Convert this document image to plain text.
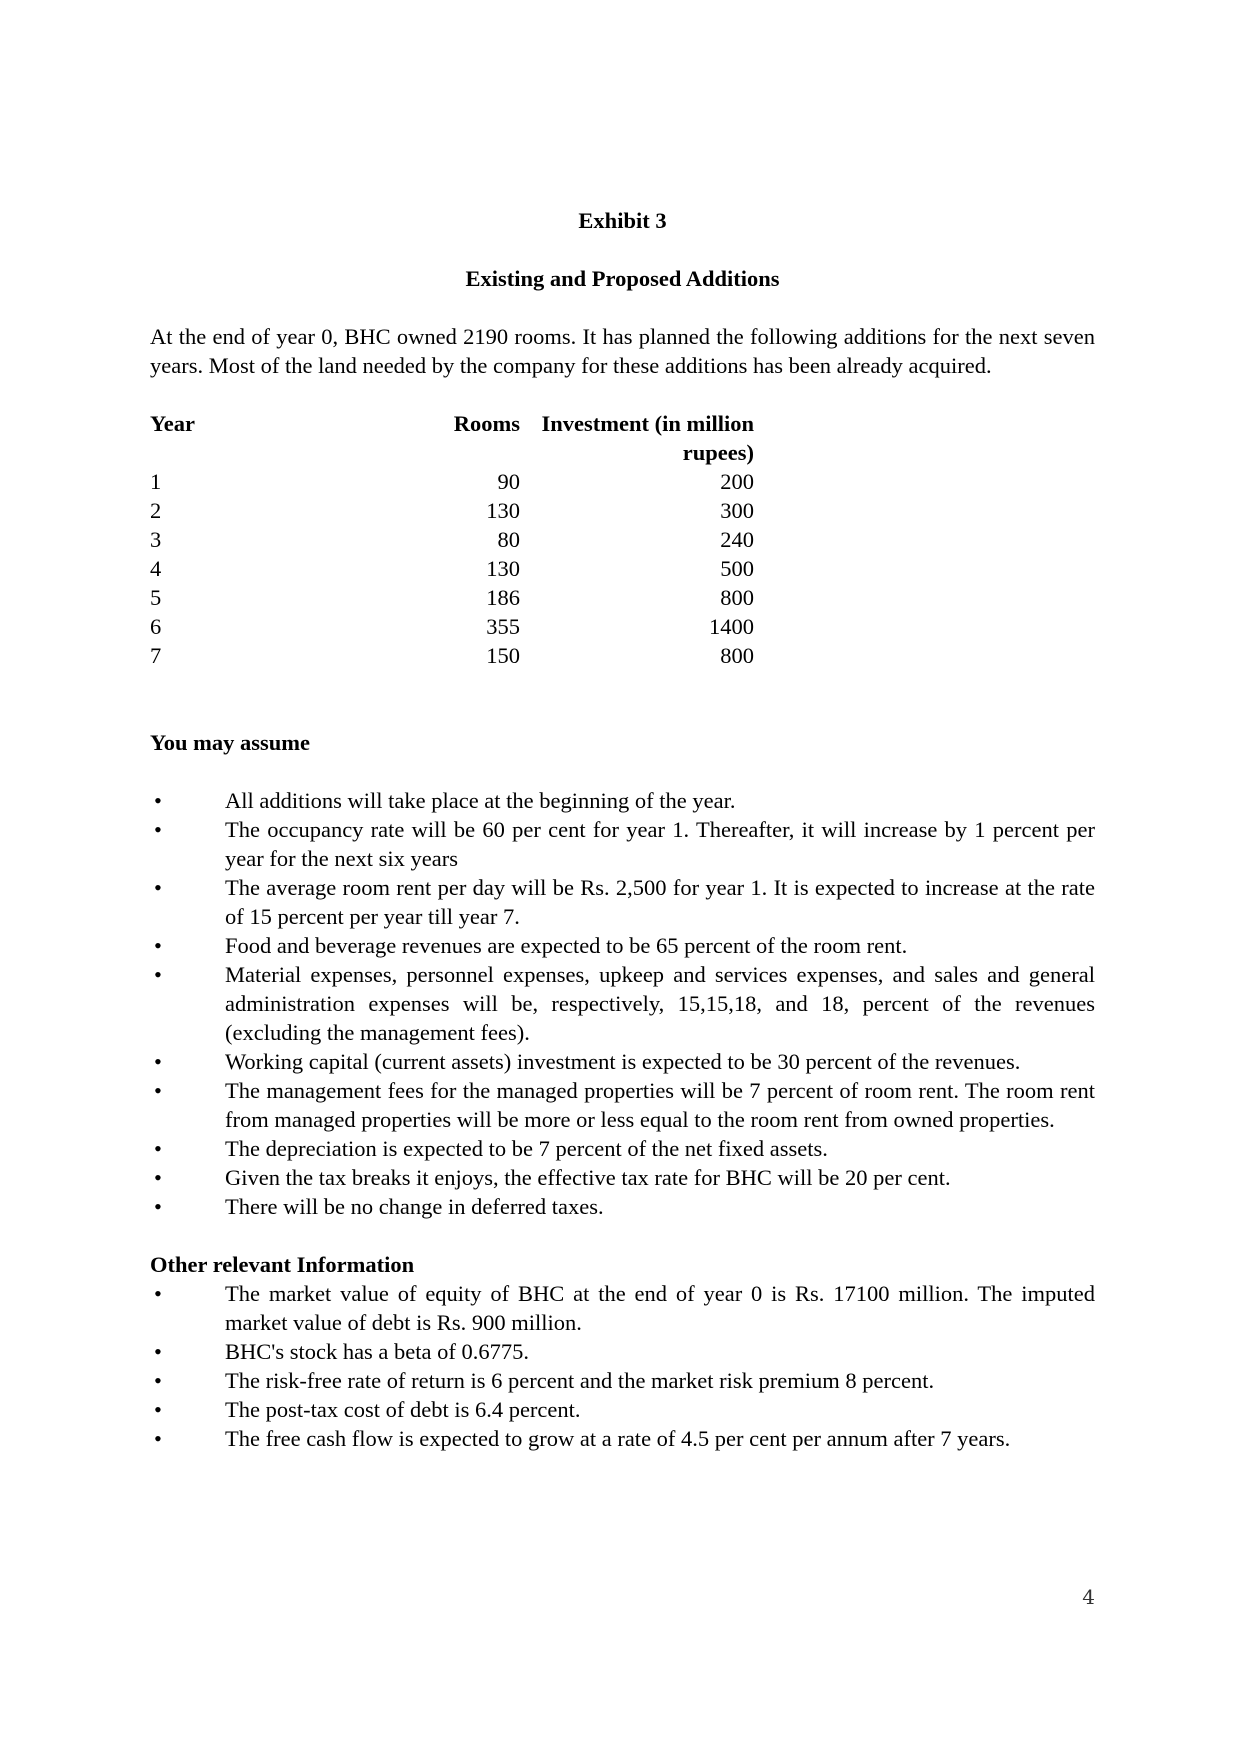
Exhibit 3

Existing and Proposed Additions

At the end of year 0, BHC owned 2190 rooms. It has planned the following additions for the next seven years. Most of the land needed by the company for these additions has been already acquired.

Year	Rooms	Investment (in million rupees)
1	90	200
2	130	300
3	80	240
4	130	500
5	186	800
6	355	1400
7	150	800

You may assume

•	All additions will take place at the beginning of the year.
•	The occupancy rate will be 60 per cent for year 1. Thereafter, it will increase by 1 percent per year for the next six years
•	The average room rent per day will be Rs. 2,500 for year 1. It is expected to increase at the rate of 15 percent per year till year 7.
•	Food and beverage revenues are expected to be 65 percent of the room rent.
•	Material expenses, personnel expenses, upkeep and services expenses, and sales and general administration expenses will be, respectively, 15,15,18, and 18, percent of the revenues (excluding the management fees).
•	Working capital (current assets) investment is expected to be 30 percent of the revenues.
•	The management fees for the managed properties will be 7 percent of room rent. The room rent from managed properties will be more or less equal to the room rent from owned properties.
•	The depreciation is expected to be 7 percent of the net fixed assets.
•	Given the tax breaks it enjoys, the effective tax rate for BHC will be 20 per cent.
•	There will be no change in deferred taxes.

Other relevant Information

•	The market value of equity of BHC at the end of year 0 is Rs. 17100 million. The imputed market value of debt is Rs. 900 million.
•	BHC's stock has a beta of 0.6775.
•	The risk-free rate of return is 6 percent and the market risk premium 8 percent.
•	The post-tax cost of debt is 6.4 percent.
•	The free cash flow is expected to grow at a rate of 4.5 per cent per annum after 7 years.
4
